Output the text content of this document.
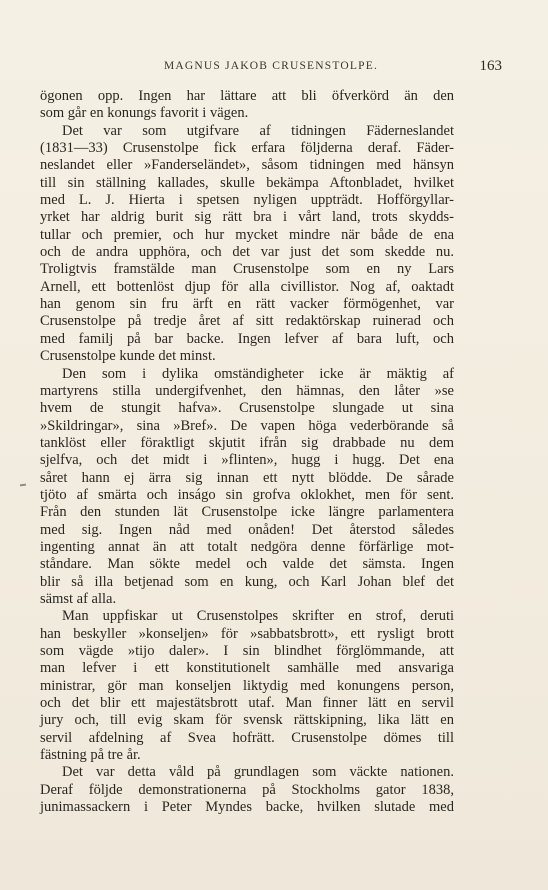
MAGNUS JAKOB CRUSENSTOLPE.	163
ögonen opp. Ingen har lättare att bli öfverkörd än den
som går en konungs favorit i vägen.
Det var som utgifvare af tidningen Fäderneslandet
(1831—33) Crusenstolpe fick erfara följderna deraf. Fäder-
neslandet eller »Fanderseländet», såsom tidningen med hänsyn
till sin ställning kallades, skulle bekämpa Aftonbladet, hvilket
med L. J. Hierta i spetsen nyligen uppträdt. Hofförgyllar-
yrket har aldrig burit sig rätt bra i vårt land, trots skydds-
tullar och premier, och hur mycket mindre när både de ena
och de andra upphöra, och det var just det som skedde nu.
Troligtvis framstälde man Crusenstolpe som en ny Lars
Arnell, ett bottenlöst djup för alla civillistor. Nog af, oaktadt
han genom sin fru ärft en rätt vacker förmögenhet, var
Crusenstolpe på tredje året af sitt redaktörskap ruinerad och
med familj på bar backe. Ingen lefver af bara luft, och
Crusenstolpe kunde det minst.
Den som i dylika omständigheter icke är mäktig af
martyrens stilla undergifvenhet, den hämnas, den låter »se
hvem de stungit hafva». Crusenstolpe slungade ut sina
»Skildringar», sina »Bref». De vapen höga vederbörande så
tanklöst eller föraktligt skjutit ifrån sig drabbade nu dem
sjelfva, och det midt i »flinten», hugg i hugg. Det ena
såret hann ej ärra sig innan ett nytt blödde. De sårade
tjöto af smärta och inságo sin grofva oklokhet, men för sent.
Från den stunden lät Crusenstolpe icke längre parlamentera
med sig. Ingen nåd med onåden! Det återstod således
ingenting annat än att totalt nedgöra denne förfärlige mot-
ståndare. Man sökte medel och valde det sämsta. Ingen
blir så illa betjenad som en kung, och Karl Johan blef det
sämst af alla.
Man uppfiskar ut Crusenstolpes skrifter en strof, deruti
han beskyller »konseljen» för »sabbatsbrott», ett rysligt brott
som vägde »tijo daler». I sin blindhet förglömmande, att
man lefver i ett konstitutionelt samhälle med ansvariga
ministrar, gör man konseljen liktydig med konungens person,
och det blir ett majestätsbrott utaf. Man finner lätt en servil
jury och, till evig skam för svensk rättskipning, lika lätt en
servil afdelning af Svea hofrätt. Crusenstolpe dömes till
fästning på tre år.
Det var detta våld på grundlagen som väckte nationen.
Deraf följde demonstrationerna på Stockholms gator 1838,
junimassackern i Peter Myndes backe, hvilken slutade med
